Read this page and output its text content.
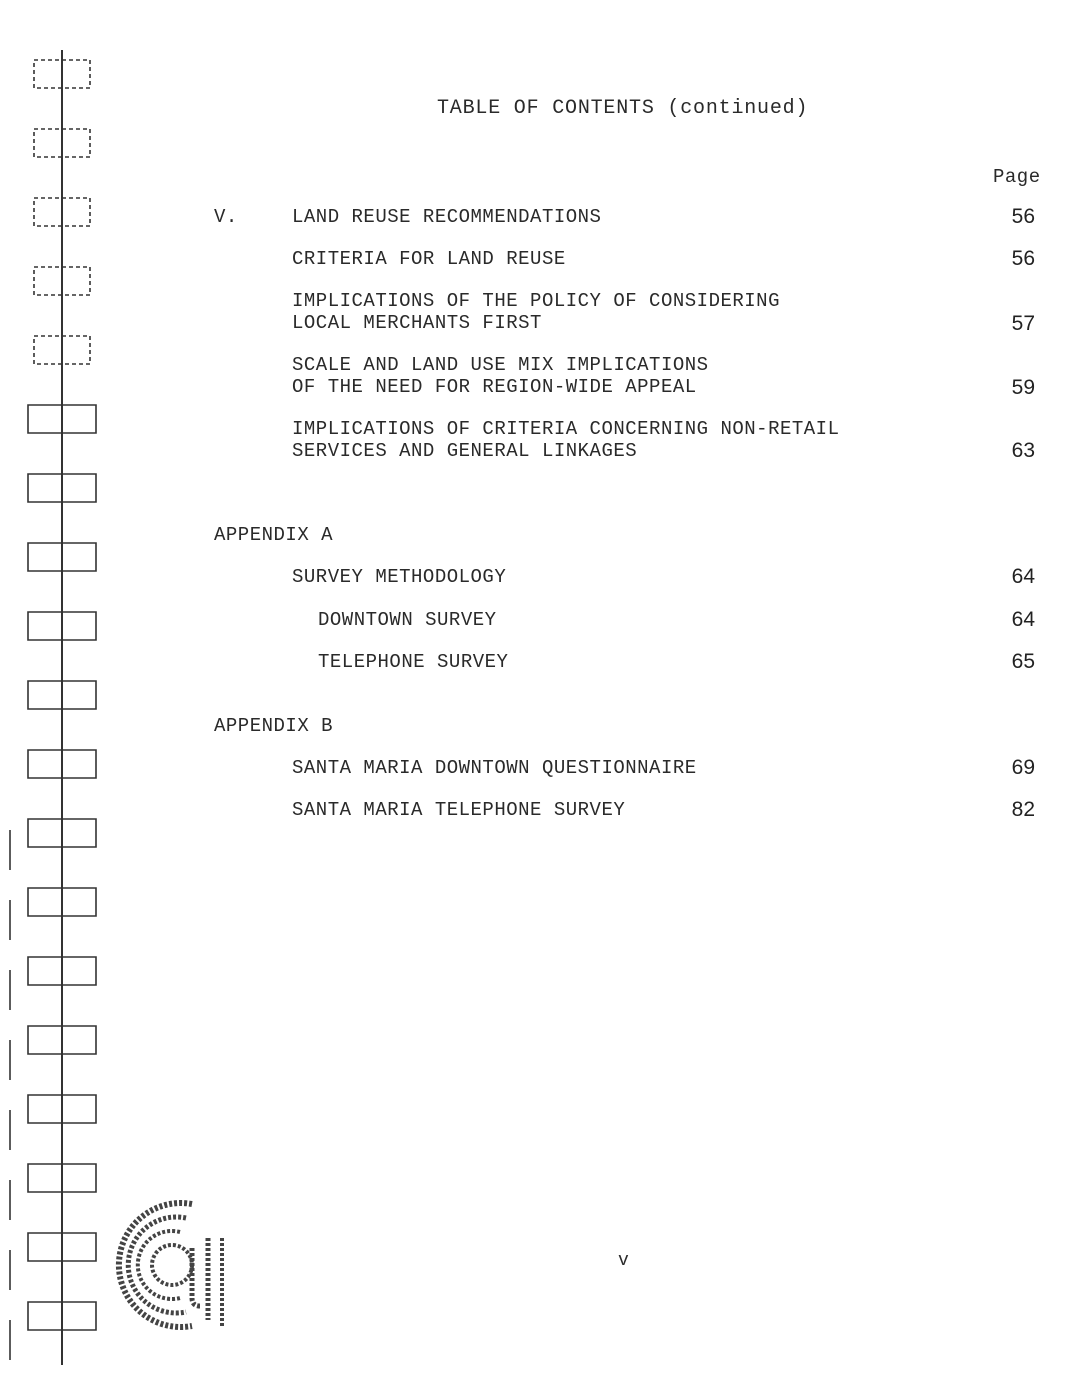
TABLE OF CONTENTS (continued)
Page
V.	LAND REUSE RECOMMENDATIONS	56
CRITERIA FOR LAND REUSE	56
IMPLICATIONS OF THE POLICY OF CONSIDERING
LOCAL MERCHANTS FIRST	57
SCALE AND LAND USE MIX IMPLICATIONS
OF THE NEED FOR REGION-WIDE APPEAL	59
IMPLICATIONS OF CRITERIA CONCERNING NON-RETAIL
SERVICES AND GENERAL LINKAGES	63
APPENDIX A
SURVEY METHODOLOGY	64
DOWNTOWN SURVEY	64
TELEPHONE SURVEY	65
APPENDIX B
SANTA MARIA DOWNTOWN QUESTIONNAIRE	69
SANTA MARIA TELEPHONE SURVEY	82
v
